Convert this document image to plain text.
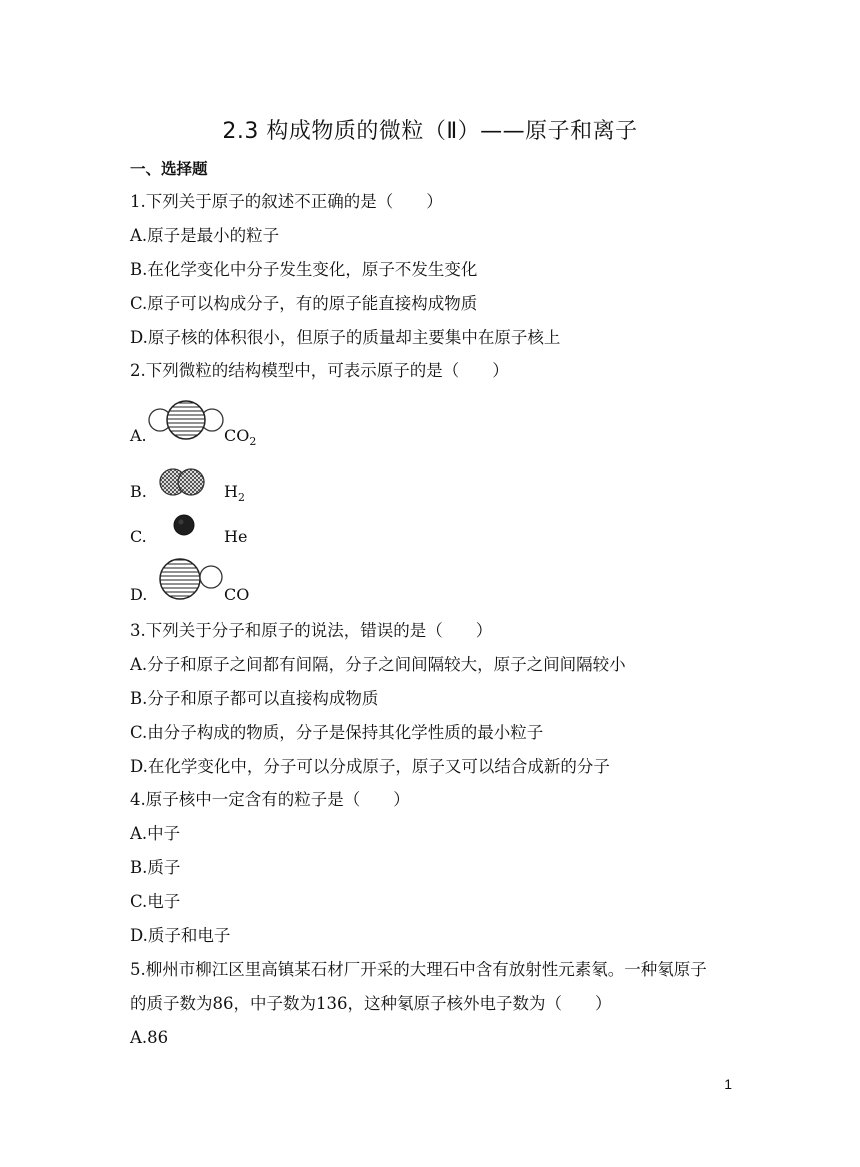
2.3 构成物质的微粒（Ⅱ）——原子和离子
一、选择题
1.下列关于原子的叙述不正确的是（　　）
A.原子是最小的粒子
B.在化学变化中分子发生变化，原子不发生变化
C.原子可以构成分子，有的原子能直接构成物质
D.原子核的体积很小，但原子的质量却主要集中在原子核上
2.下列微粒的结构模型中，可表示原子的是（　　）
A.	$CO_2$
B.	$H_2$
C.	He
D.	CO
3.下列关于分子和原子的说法，错误的是（　　）
A.分子和原子之间都有间隔，分子之间间隔较大，原子之间间隔较小
B.分子和原子都可以直接构成物质
C.由分子构成的物质，分子是保持其化学性质的最小粒子
D.在化学变化中，分子可以分成原子，原子又可以结合成新的分子
4.原子核中一定含有的粒子是（　　）
A.中子
B.质子
C.电子
D.质子和电子
5.柳州市柳江区里高镇某石材厂开采的大理石中含有放射性元素氡。一种氡原子
的质子数为86，中子数为136，这种氡原子核外电子数为（　　）
A.86
1
